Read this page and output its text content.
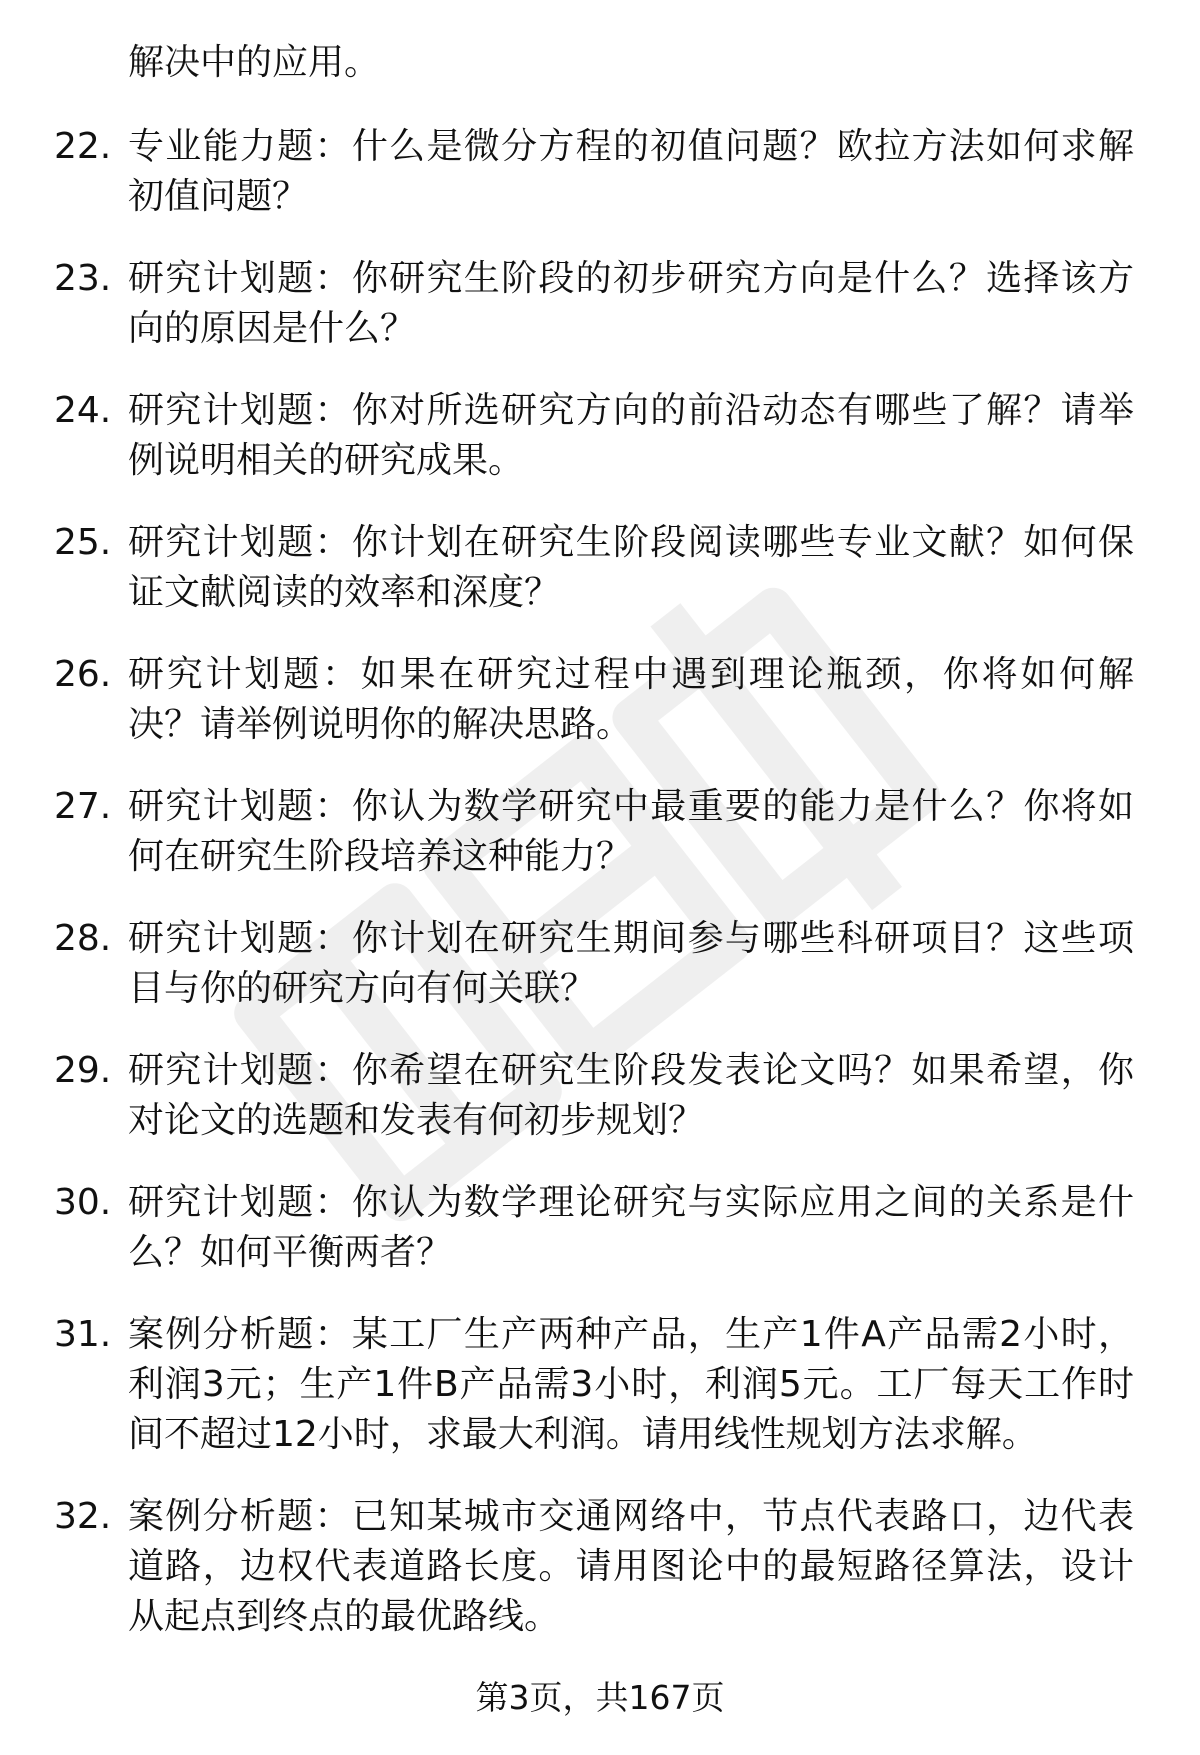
解决中的应用。
22. 专业能力题：什么是微分方程的初值问题？欧拉方法如何求解初值问题？
23. 研究计划题：你研究生阶段的初步研究方向是什么？选择该方向的原因是什么？
24. 研究计划题：你对所选研究方向的前沿动态有哪些了解？请举例说明相关的研究成果。
25. 研究计划题：你计划在研究生阶段阅读哪些专业文献？如何保证文献阅读的效率和深度？
26. 研究计划题：如果在研究过程中遇到理论瓶颈，你将如何解决？请举例说明你的解决思路。
27. 研究计划题：你认为数学研究中最重要的能力是什么？你将如何在研究生阶段培养这种能力？
28. 研究计划题：你计划在研究生期间参与哪些科研项目？这些项目与你的研究方向有何关联？
29. 研究计划题：你希望在研究生阶段发表论文吗？如果希望，你对论文的选题和发表有何初步规划？
30. 研究计划题：你认为数学理论研究与实际应用之间的关系是什么？如何平衡两者？
31. 案例分析题：某工厂生产两种产品，生产1件A产品需2小时，利润3元；生产1件B产品需3小时，利润5元。工厂每天工作时间不超过12小时，求最大利润。请用线性规划方法求解。
32. 案例分析题：已知某城市交通网络中，节点代表路口，边代表道路，边权代表道路长度。请用图论中的最短路径算法，设计从起点到终点的最优路线。
第3页，共167页
